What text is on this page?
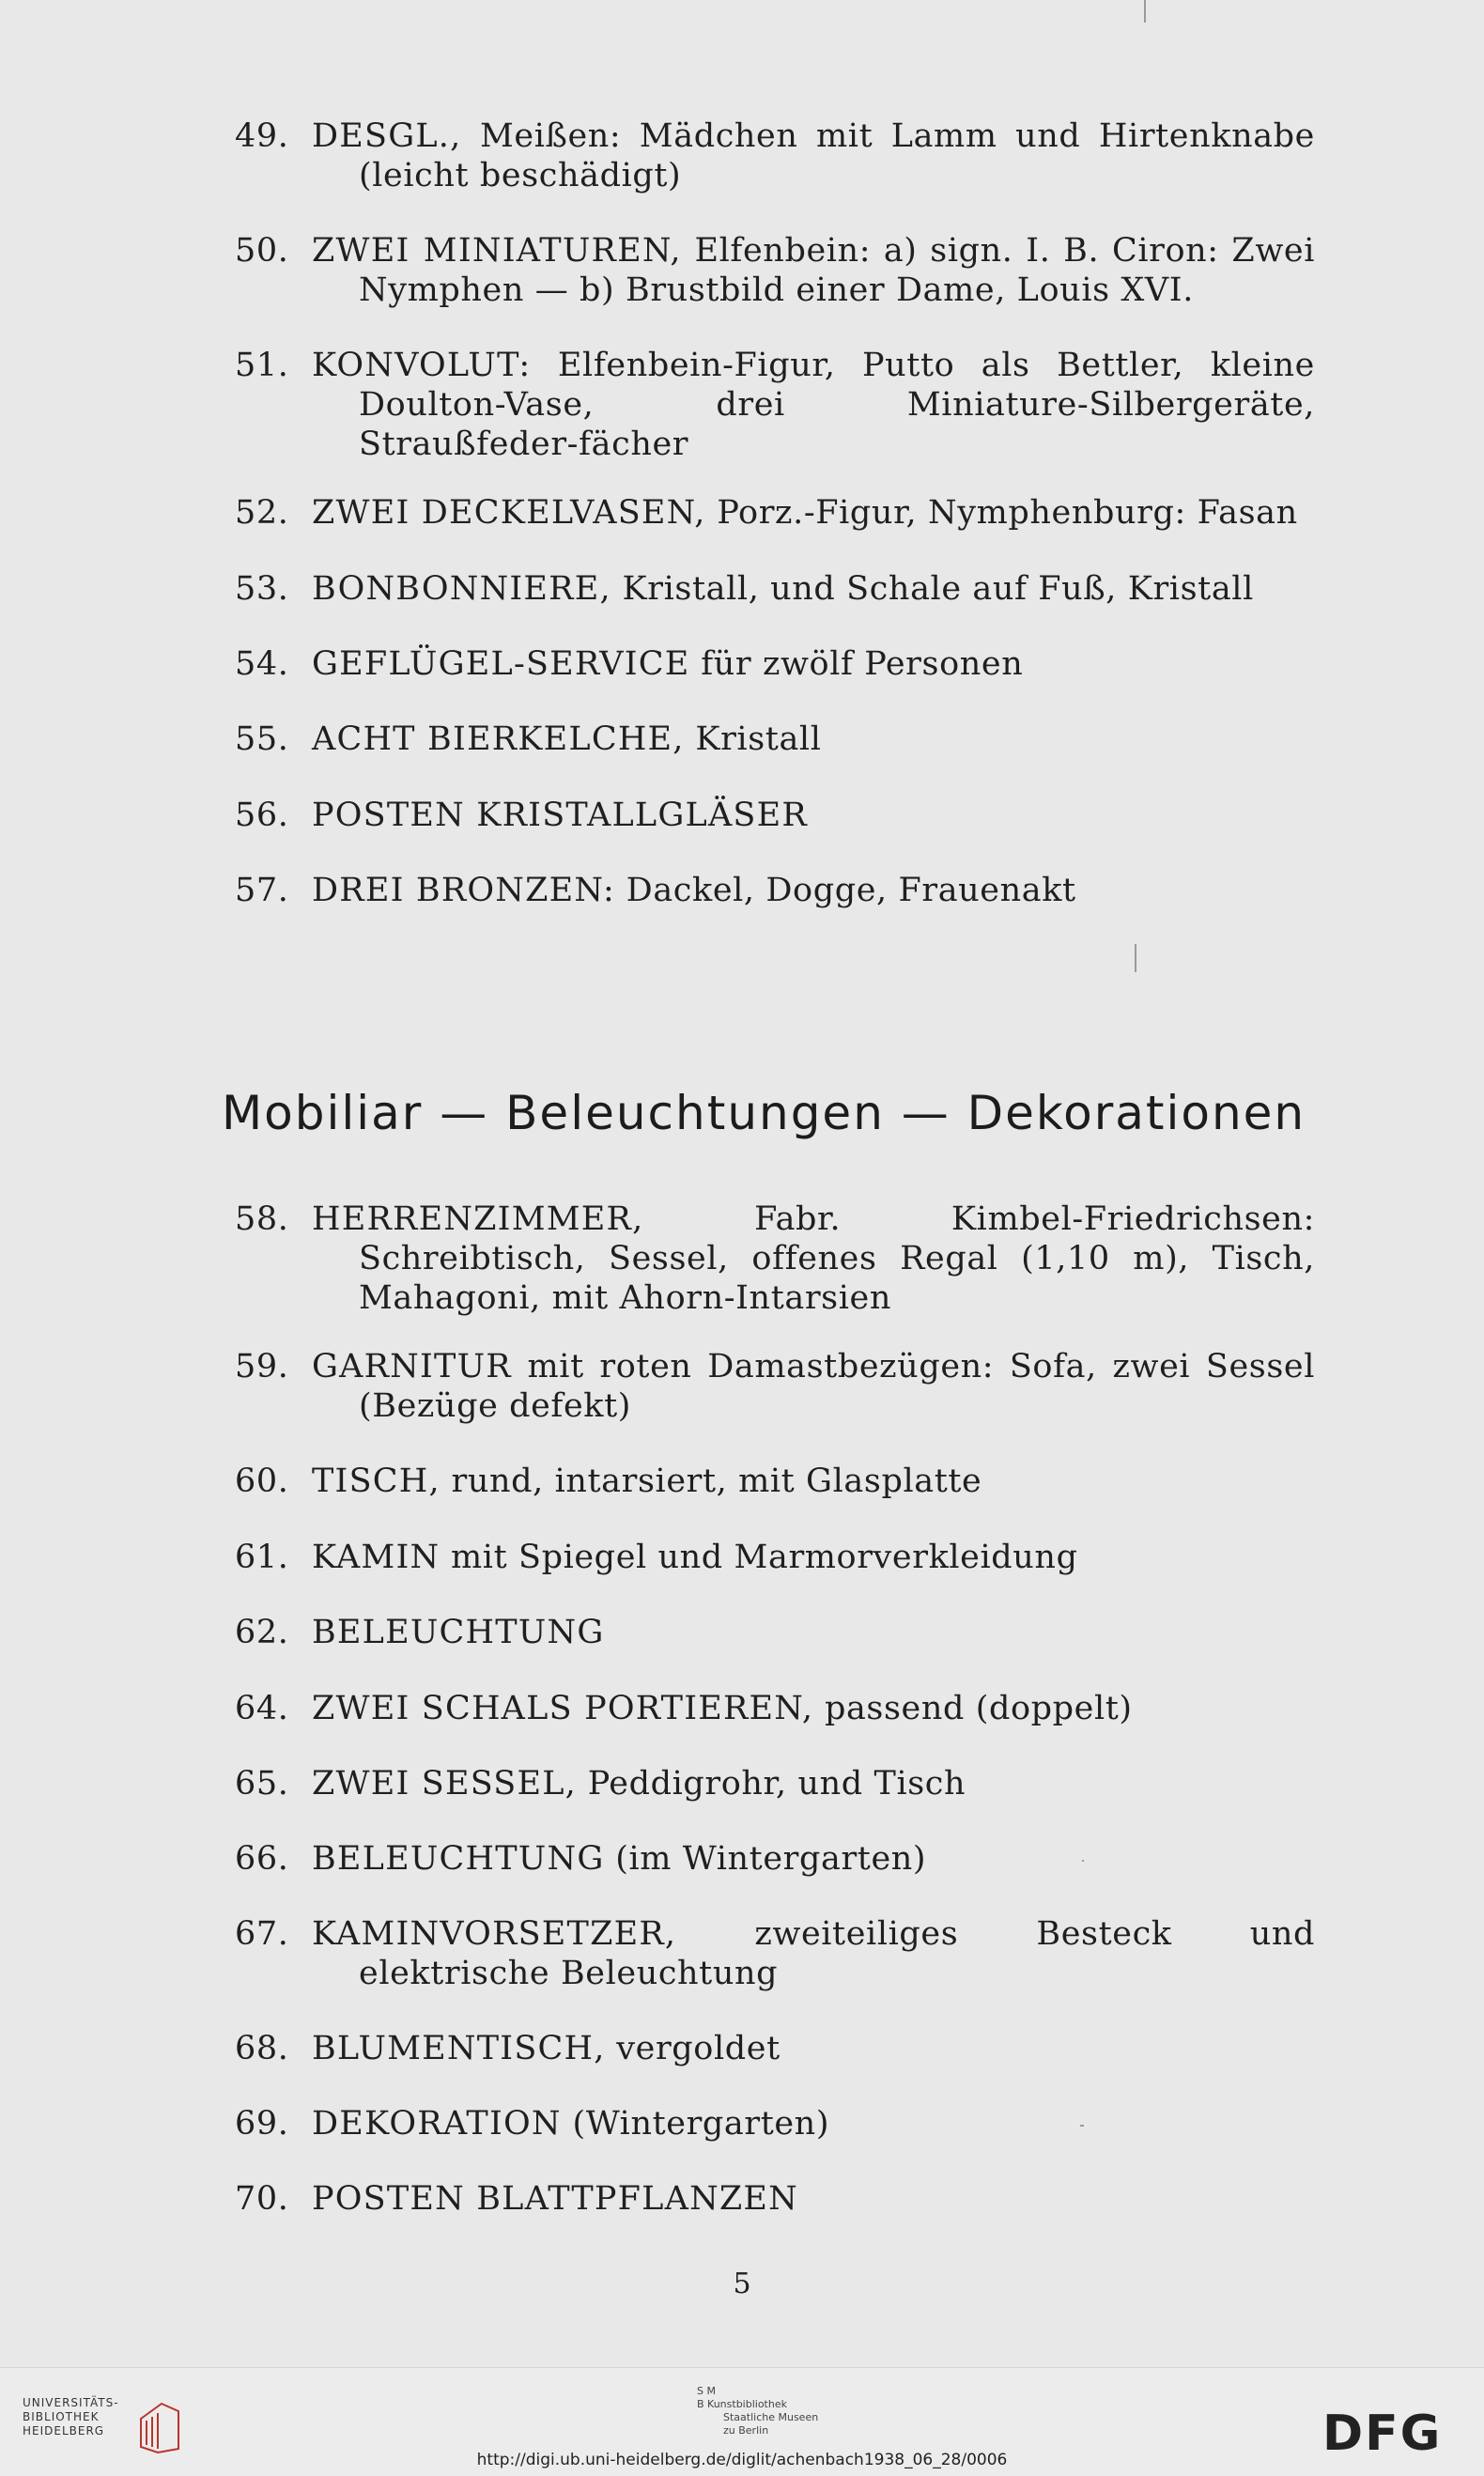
49. DESGL., Meißen: Mädchen mit Lamm und Hirtenknabe (leicht beschädigt)
50. ZWEI MINIATUREN, Elfenbein: a) sign. I. B. Ciron: Zwei Nymphen — b) Brustbild einer Dame, Louis XVI.
51. KONVOLUT: Elfenbein-Figur, Putto als Bettler, kleine Doulton-Vase, drei Miniature-Silbergeräte, Straußfeder-fächer
52. ZWEI DECKELVASEN, Porz.-Figur, Nymphenburg: Fasan
53. BONBONNIERE, Kristall, und Schale auf Fuß, Kristall
54. GEFLÜGEL-SERVICE für zwölf Personen
55. ACHT BIERKELCHE, Kristall
56. POSTEN KRISTALLGLÄSER
57. DREI BRONZEN: Dackel, Dogge, Frauenakt
58. HERRENZIMMER, Fabr. Kimbel-Friedrichsen: Schreibtisch, Sessel, offenes Regal (1,10 m), Tisch, Mahagoni, mit Ahorn-Intarsien
59. GARNITUR mit roten Damastbezügen: Sofa, zwei Sessel (Bezüge defekt)
60. TISCH, rund, intarsiert, mit Glasplatte
61. KAMIN mit Spiegel und Marmorverkleidung
62. BELEUCHTUNG
64. ZWEI SCHALS PORTIEREN, passend (doppelt)
65. ZWEI SESSEL, Peddigrohr, und Tisch
66. BELEUCHTUNG (im Wintergarten)
67. KAMINVORSETZER, zweiteiliges Besteck und elektrische Beleuchtung
68. BLUMENTISCH, vergoldet
69. DEKORATION (Wintergarten)
70. POSTEN BLATTPFLANZEN
Mobiliar — Beleuchtungen — Dekorationen
5
UNIVERSITÄTS-
BIBLIOTHEK
HEIDELBERG
S M
B Kunstbibliothek
Staatliche Museen
zu Berlin	DFG
http://digi.ub.uni-heidelberg.de/diglit/achenbach1938_06_28/0006
